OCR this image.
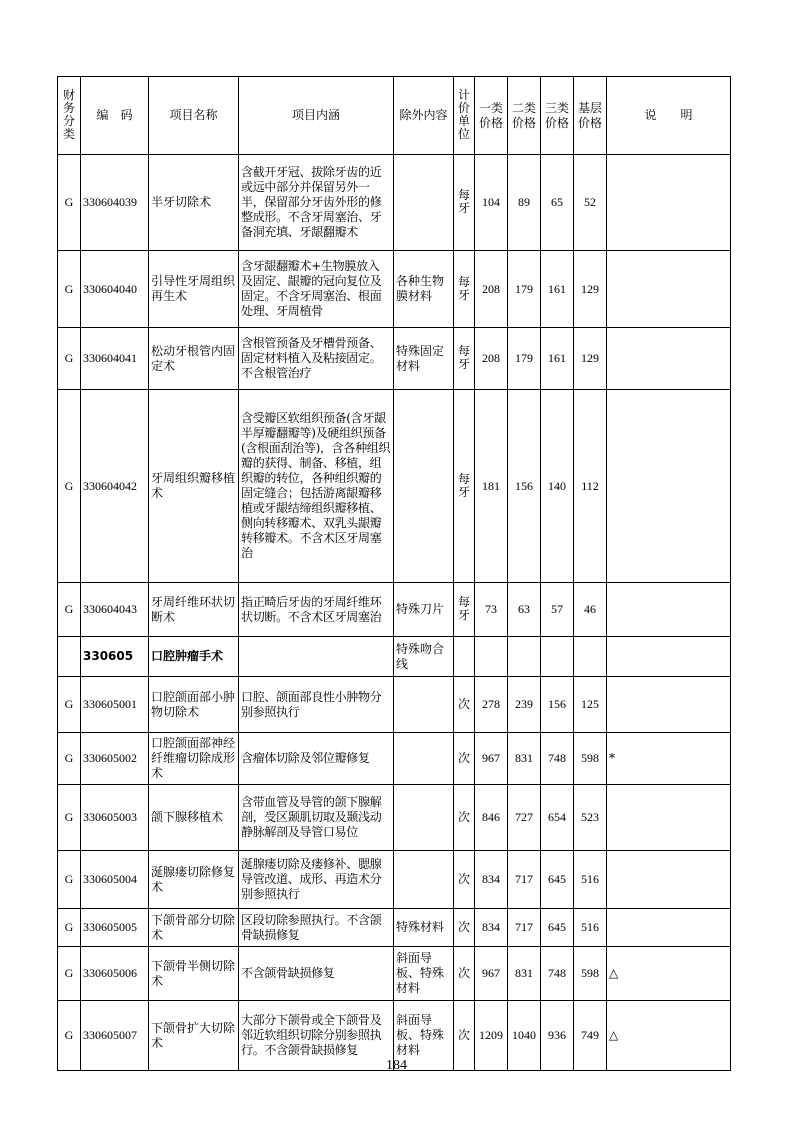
财务分类	编　码	项目名称	项目内涵	除外内容	计价单位	一类价格	二类价格	三类价格	基层价格	说　　明
G	330604039	半牙切除术	含截开牙冠、拔除牙齿的近或远中部分并保留另外一半，保留部分牙齿外形的修整成形。不含牙周塞治、牙备洞充填、牙龈翻瓣术		每牙	104	89	65	52	
G	330604040	引导性牙周组织再生术	含牙龈翻瓣术+生物膜放入及固定、龈瓣的冠向复位及固定。不含牙周塞治、根面处理、牙周植骨	各种生物膜材料	每牙	208	179	161	129	
G	330604041	松动牙根管内固定术	含根管预备及牙槽骨预备、固定材料植入及粘接固定。不含根管治疗	特殊固定材料	每牙	208	179	161	129	
G	330604042	牙周组织瓣移植术	含受瓣区软组织预备(含牙龈半厚瓣翻瓣等)及硬组织预备(含根面刮治等)，含各种组织瓣的获得、制备、移植，组织瓣的转位，各种组织瓣的固定缝合；包括游离龈瓣移植或牙龈结缔组织瓣移植、侧向转移瓣术、双乳头龈瓣转移瓣术。不含术区牙周塞治		每牙	181	156	140	112	
G	330604043	牙周纤维环状切断术	指正畸后牙齿的牙周纤维环状切断。不含术区牙周塞治	特殊刀片	每牙	73	63	57	46	
	330605	口腔肿瘤手术		特殊吻合线						
G	330605001	口腔颌面部小肿物切除术	口腔、颌面部良性小肿物分别参照执行		次	278	239	156	125	
G	330605002	口腔颌面部神经纤维瘤切除成形术	含瘤体切除及邻位瓣修复		次	967	831	748	598	*
G	330605003	颌下腺移植术	含带血管及导管的颌下腺解剖，受区颞肌切取及颞浅动静脉解剖及导管口易位		次	846	727	654	523	
G	330605004	涎腺瘘切除修复术	涎腺瘘切除及瘘修补、腮腺导管改道、成形、再造术分别参照执行		次	834	717	645	516	
G	330605005	下颌骨部分切除术	区段切除参照执行。不含颌骨缺损修复	特殊材料	次	834	717	645	516	
G	330605006	下颌骨半侧切除术	不含颌骨缺损修复	斜面导板、特殊材料	次	967	831	748	598	△
G	330605007	下颌骨扩大切除术	大部分下颌骨或全下颌骨及邻近软组织切除分别参照执行。不含颌骨缺损修复	斜面导板、特殊材料	次	1209	1040	936	749	△
184
